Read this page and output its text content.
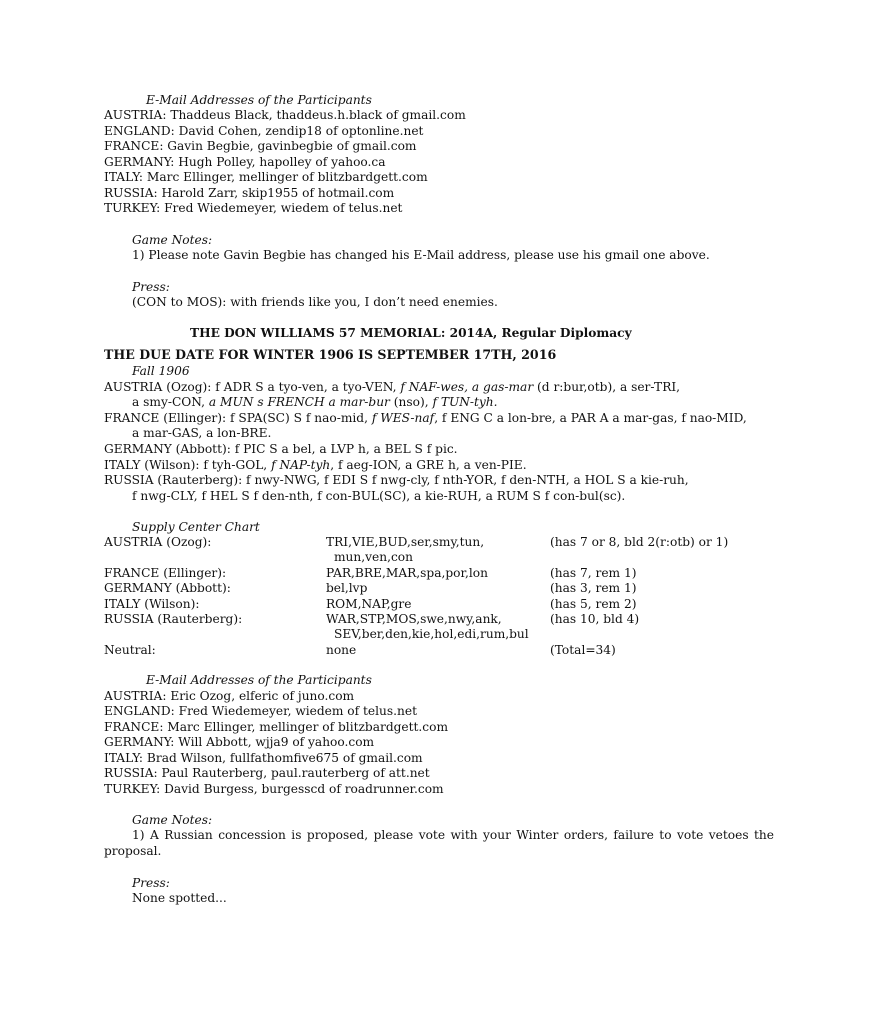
E-Mail Addresses of the Participants
AUSTRIA: Thaddeus Black, thaddeus.h.black of gmail.com
ENGLAND: David Cohen, zendip18 of optonline.net
FRANCE: Gavin Begbie, gavinbegbie of gmail.com
GERMANY: Hugh Polley, hapolley of yahoo.ca
ITALY: Marc Ellinger, mellinger of blitzbardgett.com
RUSSIA: Harold Zarr, skip1955 of hotmail.com
TURKEY: Fred Wiedemeyer, wiedem of telus.net
Game Notes:
1) Please note Gavin Begbie has changed his E-Mail address, please use his gmail one above.
Press:
(CON to MOS): with friends like you, I don’t need enemies.
THE DON WILLIAMS 57 MEMORIAL: 2014A, Regular Diplomacy
THE DUE DATE FOR WINTER 1906 IS SEPTEMBER 17TH, 2016
Fall 1906
AUSTRIA (Ozog): f ADR S a tyo-ven, a tyo-VEN, f NAF-wes, a gas-mar (d r:bur,otb), a ser-TRI,
a smy-CON, a MUN s FRENCH a mar-bur (nso), f TUN-tyh.
FRANCE (Ellinger): f SPA(SC) S f nao-mid, f WES-naf, f ENG C a lon-bre, a PAR A a mar-gas, f nao-MID,
a mar-GAS, a lon-BRE.
GERMANY (Abbott): f PIC S a bel, a LVP h, a BEL S f pic.
ITALY (Wilson): f tyh-GOL, f NAP-tyh, f aeg-ION, a GRE h, a ven-PIE.
RUSSIA (Rauterberg): f nwy-NWG, f EDI S f nwg-cly, f nth-YOR, f den-NTH, a HOL S a kie-ruh,
f nwg-CLY, f HEL S f den-nth, f con-BUL(SC), a kie-RUH, a RUM S f con-bul(sc).
Supply Center Chart
AUSTRIA (Ozog):	TRI,VIE,BUD,ser,smy,tun,	(has 7 or 8, bld 2(r:otb) or 1)
mun,ven,con
FRANCE (Ellinger):	PAR,BRE,MAR,spa,por,lon	(has 7, rem 1)
GERMANY (Abbott):	bel,lvp	(has 3, rem 1)
ITALY (Wilson):	ROM,NAP,gre	(has 5, rem 2)
RUSSIA (Rauterberg):	WAR,STP,MOS,swe,nwy,ank,	(has 10, bld 4)
SEV,ber,den,kie,hol,edi,rum,bul
Neutral:	none	(Total=34)
E-Mail Addresses of the Participants
AUSTRIA: Eric Ozog, elferic of juno.com
ENGLAND: Fred Wiedemeyer, wiedem of telus.net
FRANCE: Marc Ellinger, mellinger of blitzbardgett.com
GERMANY: Will Abbott, wjja9 of yahoo.com
ITALY: Brad Wilson, fullfathomfive675 of gmail.com
RUSSIA: Paul Rauterberg, paul.rauterberg of att.net
TURKEY: David Burgess, burgesscd of roadrunner.com
Game Notes:
1) A Russian concession is proposed, please vote with your Winter orders, failure to vote vetoes the proposal.
Press:
None spotted...
